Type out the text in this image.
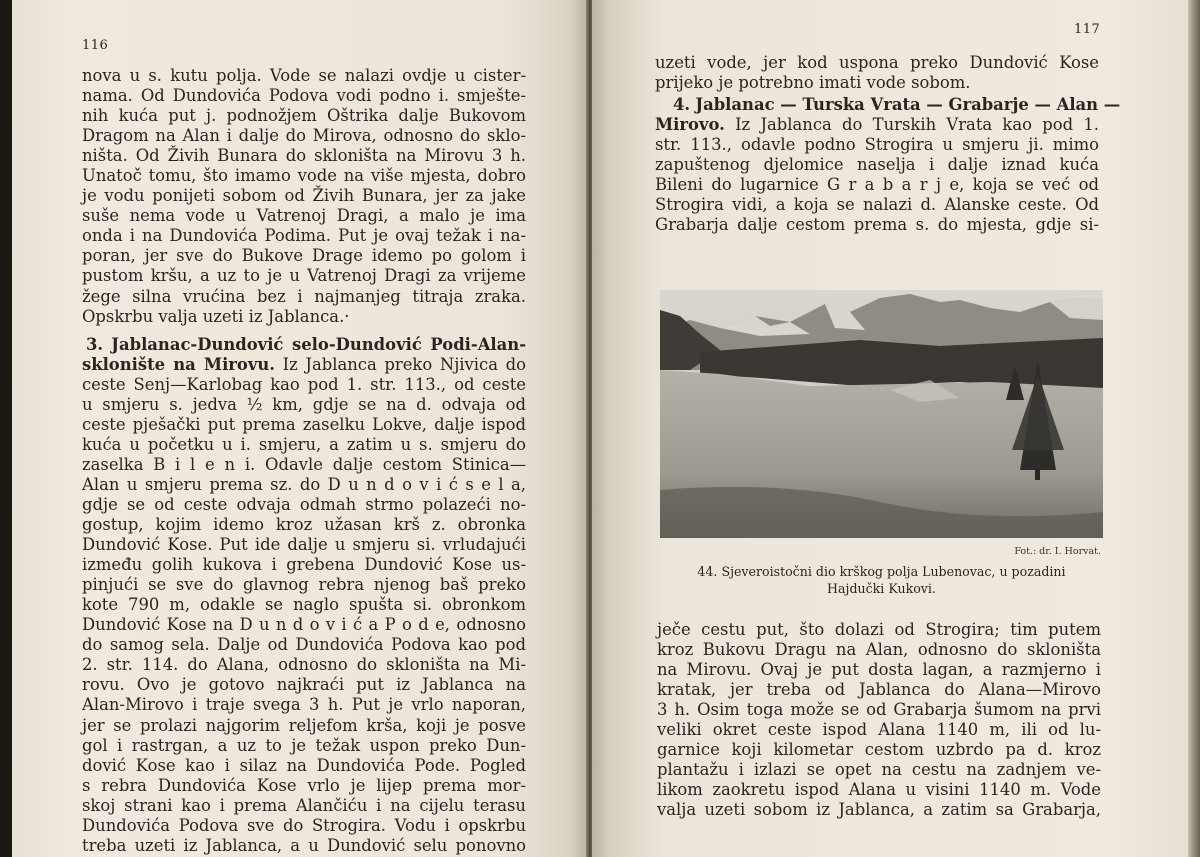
116
nova u s. kutu polja. Vode se nalazi ovdje u cister-
nama. Od Dundovića Podova vodi podno i. smješte-
nih kuća put j. podnožjem Oštrika dalje Bukovom
Dragom na Alan i dalje do Mirova, odnosno do sklo-
ništa. Od Živih Bunara do skloništa na Mirovu 3 h.
Unatoč tomu, što imamo vode na više mjesta, dobro
je vodu ponijeti sobom od Živih Bunara, jer za jake
suše nema vode u Vatrenoj Dragi, a malo je ima
onda i na Dundovića Podima. Put je ovaj težak i na-
poran, jer sve do Bukove Drage idemo po golom i
pustom kršu, a uz to je u Vatrenoj Dragi za vrijeme
žege silna vrućina bez i najmanjeg titraja zraka.
Opskrbu valja uzeti iz Jablanca.·
3. Jablanac-Dundović selo-Dundović Podi-Alan-
sklonište na Mirovu. Iz Jablanca preko Njivica do
ceste Senj—Karlobag kao pod 1. str. 113., od ceste
u smjeru s. jedva ½ km, gdje se na d. odvaja od
ceste pješački put prema zaselku Lokve, dalje ispod
kuća u početku u i. smjeru, a zatim u s. smjeru do
zaselka B i l e n i. Odavle dalje cestom Stinica—
Alan u smjeru prema sz. do D u n d o v i ć s e l a,
gdje se od ceste odvaja odmah strmo polazeći no-
gostup, kojim idemo kroz užasan krš z. obronka
Dundović Kose. Put ide dalje u smjeru si. vrludajući
između golih kukova i grebena Dundović Kose us-
pinjući se sve do glavnog rebra njenog baš preko
kote 790 m, odakle se naglo spušta si. obronkom
Dundović Kose na D u n d o v i ć a P o d e, odnosno
do samog sela. Dalje od Dundovića Podova kao pod
2. str. 114. do Alana, odnosno do skloništa na Mi-
rovu. Ovo je gotovo najkraći put iz Jablanca na
Alan-Mirovo i traje svega 3 h. Put je vrlo naporan,
jer se prolazi najgorim reljefom krša, koji je posve
gol i rastrgan, a uz to je težak uspon preko Dun-
dović Kose kao i silaz na Dundovića Pode. Pogled
s rebra Dundovića Kose vrlo je lijep prema mor-
skoj strani kao i prema Alančiću i na cijelu terasu
Dundovića Podova sve do Strogira. Vodu i opskrbu
treba uzeti iz Jablanca, a u Dundović selu ponovno
117
uzeti vode, jer kod uspona preko Dundović Kose
prijeko je potrebno imati vode sobom.
4. Jablanac — Turska Vrata — Grabarje — Alan —
Mirovo. Iz Jablanca do Turskih Vrata kao pod 1.
str. 113., odavle podno Strogira u smjeru ji. mimo
zapuštenog djelomice naselja i dalje iznad kuća
Bileni do lugarnice G r a b a r j e, koja se već od
Strogira vidi, a koja se nalazi d. Alanske ceste. Od
Grabarja dalje cestom prema s. do mjesta, gdje si-
Fot.: dr. I. Horvat.
44. Sjeveroistočni dio krškog polja Lubenovac, u pozadini
Hajdučki Kukovi.
ječe cestu put, što dolazi od Strogira; tim putem
kroz Bukovu Dragu na Alan, odnosno do skloništa
na Mirovu. Ovaj je put dosta lagan, a razmjerno i
kratak, jer treba od Jablanca do Alana—Mirovo
3 h. Osim toga može se od Grabarja šumom na prvi
veliki okret ceste ispod Alana 1140 m, ili od lu-
garnice koji kilometar cestom uzbrdo pa d. kroz
plantažu i izlazi se opet na cestu na zadnjem ve-
likom zaokretu ispod Alana u visini 1140 m. Vode
valja uzeti sobom iz Jablanca, a zatim sa Grabarja,
